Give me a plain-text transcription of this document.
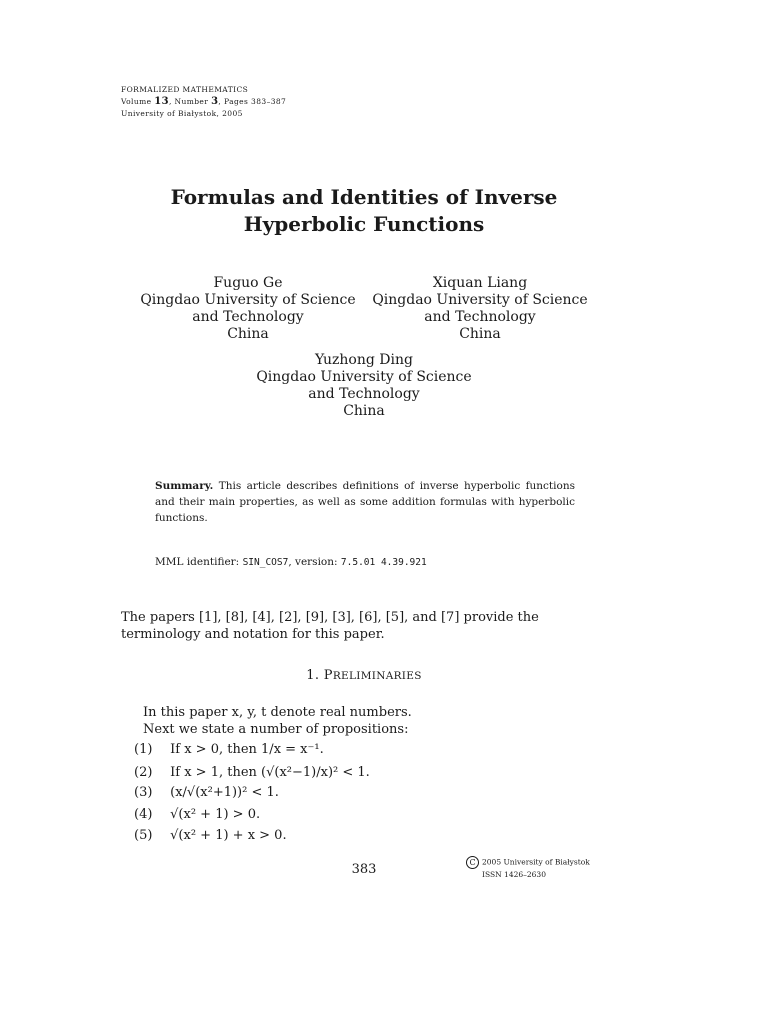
FORMALIZED MATHEMATICS
Volume 13, Number 3, Pages 383–387
University of Białystok, 2005
Formulas and Identities of Inverse
Hyperbolic Functions
Fuguo Ge
Qingdao University of Science
and Technology
China
Xiquan Liang
Qingdao University of Science
and Technology
China
Yuzhong Ding
Qingdao University of Science
and Technology
China
Summary. This article describes definitions of inverse hyperbolic functions and their main properties, as well as some addition formulas with hyperbolic functions.
MML identifier: SIN_COS7, version: 7.5.01 4.39.921
The papers [1], [8], [4], [2], [9], [3], [6], [5], and [7] provide the terminology and notation for this paper.
1. PRELIMINARIES
In this paper x, y, t denote real numbers.
Next we state a number of propositions:
(1) If x > 0, then 1/x = x⁻¹.
(2) If x > 1, then (√(x²−1)/x)² < 1.
(3) (x/√(x²+1))² < 1.
(4) √(x² + 1) > 0.
(5) √(x² + 1) + x > 0.
383	C 2005 University of Białystok
ISSN 1426–2630
